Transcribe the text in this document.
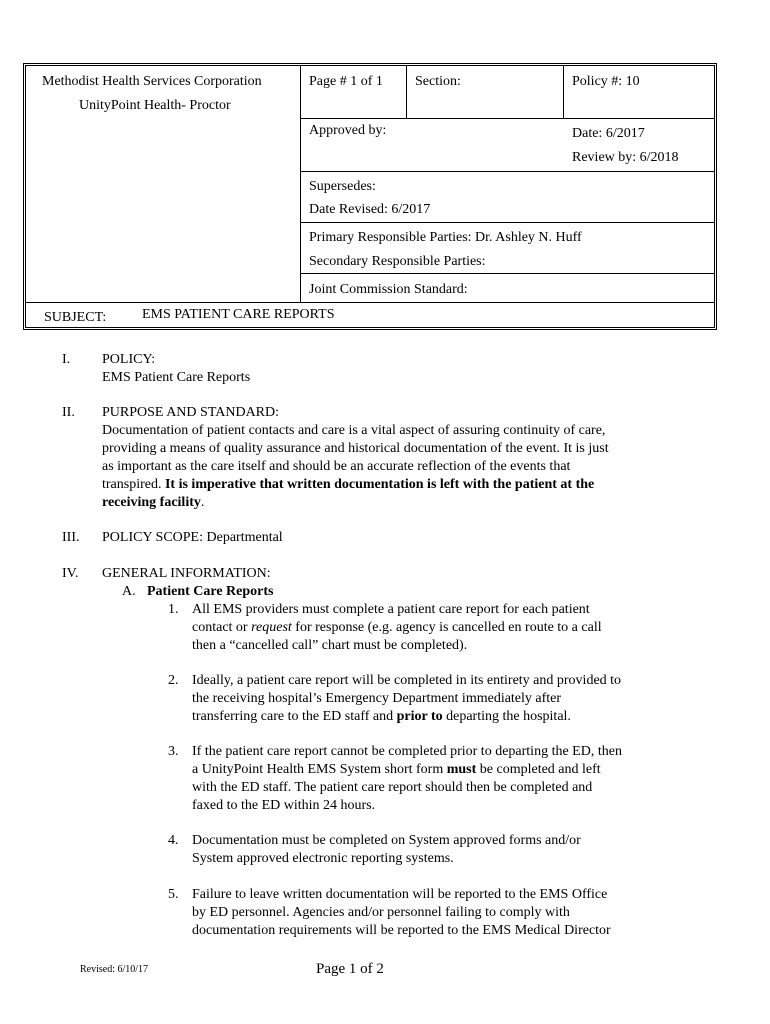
Methodist Health Services Corporation
UnityPoint Health- Proctor
Page # 1 of 1 Section:	Policy #: 10
Approved by:	Date: 6/2017
Review by: 6/2018
Supersedes:
Date Revised: 6/2017
Primary Responsible Parties: Dr. Ashley N. Huff
Secondary Responsible Parties:
Joint Commission Standard:
SUBJECT:	EMS PATIENT CARE REPORTS
I.	POLICY:
EMS Patient Care Reports
II.	PURPOSE AND STANDARD:
Documentation of patient contacts and care is a vital aspect of assuring continuity of care,
providing a means of quality assurance and historical documentation of the event. It is just
as important as the care itself and should be an accurate reflection of the events that
transpired. It is imperative that written documentation is left with the patient at the
receiving facility.
III. POLICY SCOPE: Departmental
IV. GENERAL INFORMATION:
A. Patient Care Reports
1. All EMS providers must complete a patient care report for each patient
contact or request for response (e.g. agency is cancelled en route to a call
then a “cancelled call” chart must be completed).
2. Ideally, a patient care report will be completed in its entirety and provided to
the receiving hospital’s Emergency Department immediately after
transferring care to the ED staff and prior to departing the hospital.
3. If the patient care report cannot be completed prior to departing the ED, then
a UnityPoint Health EMS System short form must be completed and left
with the ED staff. The patient care report should then be completed and
faxed to the ED within 24 hours.
4. Documentation must be completed on System approved forms and/or
System approved electronic reporting systems.
5. Failure to leave written documentation will be reported to the EMS Office
by ED personnel. Agencies and/or personnel failing to comply with
documentation requirements will be reported to the EMS Medical Director
Revised: 6/10/17	Page 1 of 2
